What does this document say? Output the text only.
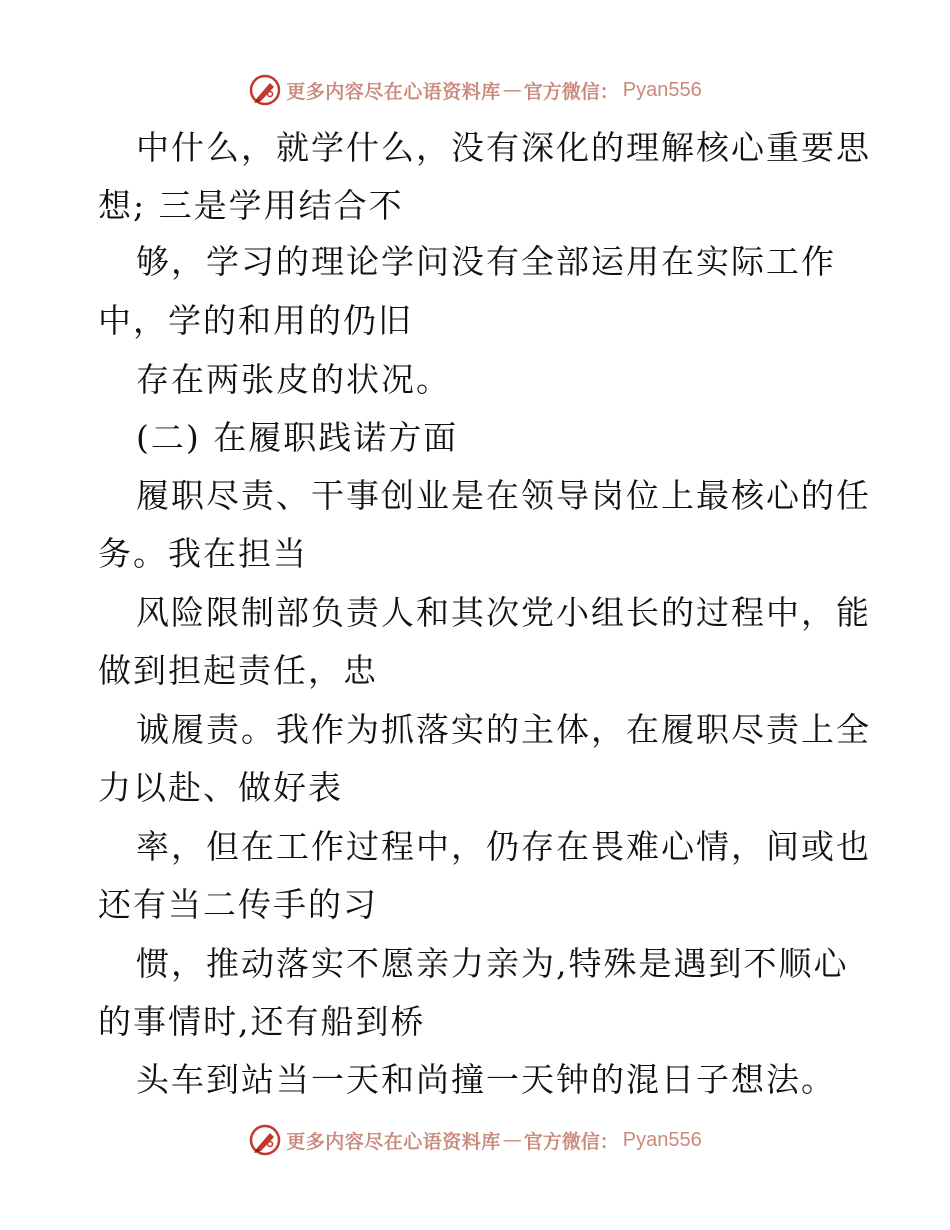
更多内容尽在心语资料库 — 官方微信： Pyan556
中什么，就学什么，没有深化的理解核心重要思
想; 三是学用结合不
够，学习的理论学问没有全部运用在实际工作
中，学的和用的仍旧
存在两张皮的状况。
(二) 在履职践诺方面
履职尽责、干事创业是在领导岗位上最核心的任
务。我在担当
风险限制部负责人和其次党小组长的过程中，能
做到担起责任，忠
诚履责。我作为抓落实的主体，在履职尽责上全
力以赴、做好表
率，但在工作过程中，仍存在畏难心情，间或也
还有当二传手的习
惯，推动落实不愿亲力亲为,特殊是遇到不顺心
的事情时,还有船到桥
头车到站当一天和尚撞一天钟的混日子想法。
更多内容尽在心语资料库 — 官方微信： Pyan556
